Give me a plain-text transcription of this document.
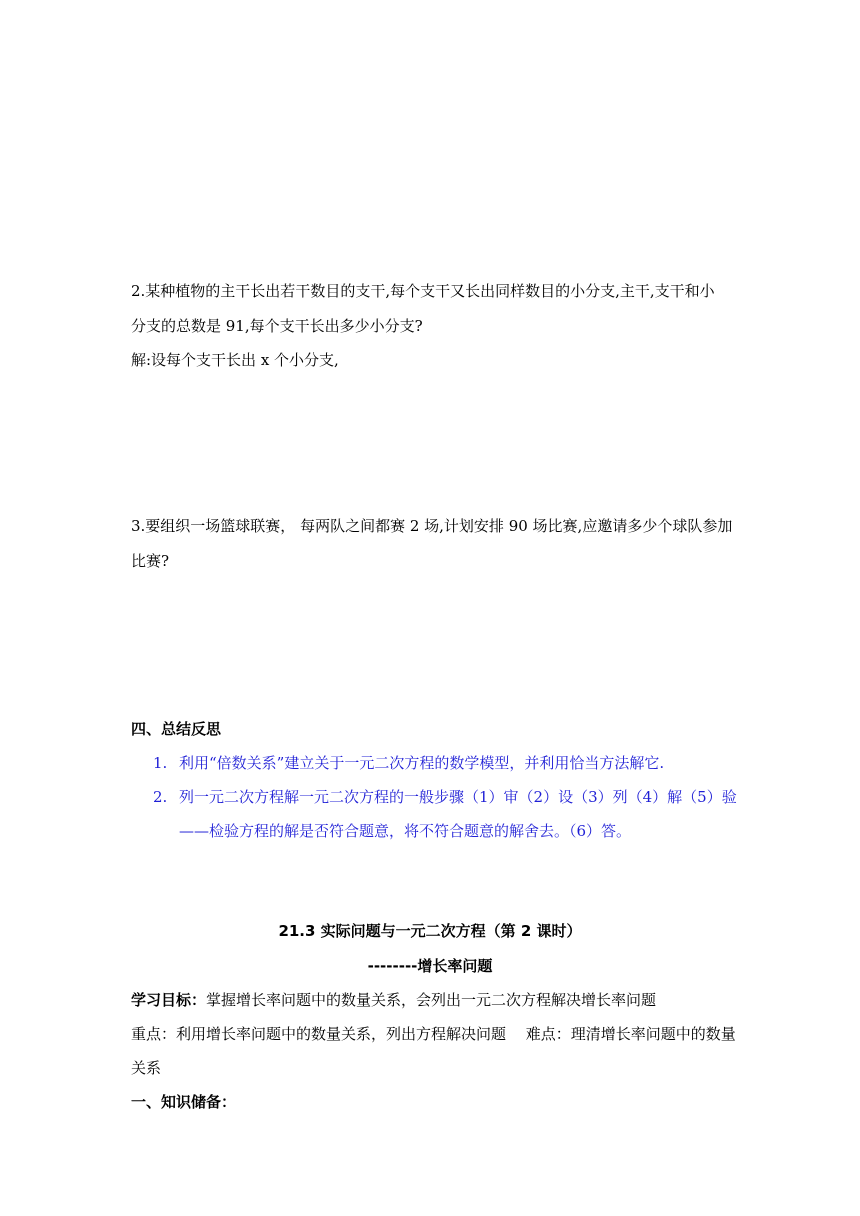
2.某种植物的主干长出若干数目的支干,每个支干又长出同样数目的小分支,主干,支干和小
分支的总数是 91,每个支干长出多少小分支?
解:设每个支干长出 x 个小分支,
3.要组织一场篮球联赛， 每两队之间都赛 2 场,计划安排 90 场比赛,应邀请多少个球队参加
比赛?
四、总结反思
1. 利用“倍数关系”建立关于一元二次方程的数学模型，并利用恰当方法解它.
2. 列一元二次方程解一元二次方程的一般步骤（1）审（2）设（3）列（4）解（5）验
——检验方程的解是否符合题意，将不符合题意的解舍去。（6）答。
21.3 实际问题与一元二次方程（第 2 课时）
--------增长率问题
学习目标：掌握增长率问题中的数量关系，会列出一元二次方程解决增长率问题
重点：利用增长率问题中的数量关系，列出方程解决问题　 难点：理清增长率问题中的数量
关系
一、知识储备：
